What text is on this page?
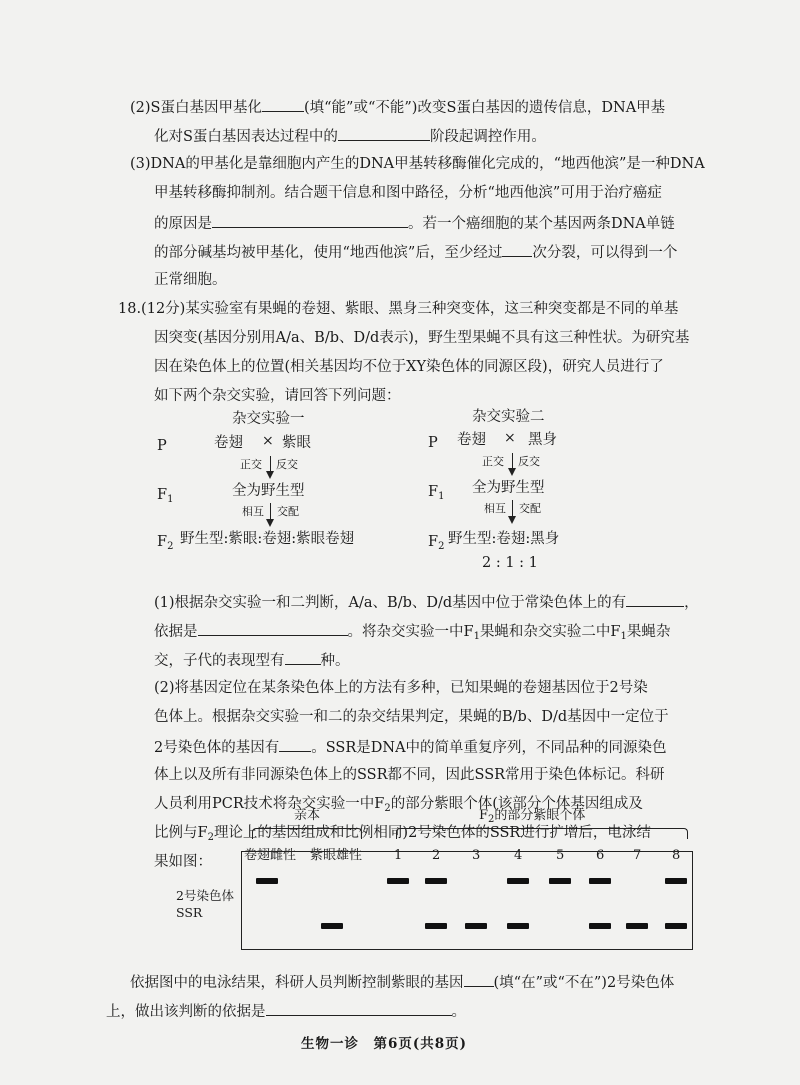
(2)S蛋白基因甲基化	(填“能”或“不能”)改变S蛋白基因的遗传信息，DNA甲基
化对S蛋白基因表达过程中的	阶段起调控作用。
(3)DNA的甲基化是靠细胞内产生的DNA甲基转移酶催化完成的，“地西他滨”是一种DNA
甲基转移酶抑制剂。结合题干信息和图中路径，分析“地西他滨”可用于治疗癌症
的原因是	。若一个癌细胞的某个基因两条DNA单链
的部分碱基均被甲基化，使用“地西他滨”后，至少经过 次分裂，可以得到一个
正常细胞。
18.(12分)某实验室有果蝇的卷翅、紫眼、黑身三种突变体，这三种突变都是不同的单基
因突变(基因分别用A/a、B/b、D/d表示)，野生型果蝇不具有这三种性状。为研究基
因在染色体上的位置(相关基因均不位于XY染色体的同源区段)，研究人员进行了
如下两个杂交实验，请回答下列问题：
杂交实验一
P	卷翅 × 紫眼
正交 反交
$F_1$
全为野生型
相互 交配
$F_2$ 野生型:紫眼:卷翅:紫眼卷翅
杂交实验二
P 卷翅 × 黑身
正交 反交
$F_1$
全为野生型
相互 交配
$F_2$ 野生型:卷翅:黑身
2 : 1 : 1
(1)根据杂交实验一和二判断，A/a、B/b、D/d基因中位于常染色体上的有	，
依据是	。将杂交实验一中$F_1$果蝇和杂交实验二中$F_1$果蝇杂
交，子代的表现型有 种。
(2)将基因定位在某条染色体上的方法有多种，已知果蝇的卷翅基因位于2号染
色体上。根据杂交实验一和二的杂交结果判定，果蝇的B/b、D/d基因中一定位于
2号染色体的基因有 。SSR是DNA中的简单重复序列，不同品种的同源染色
体上以及所有非同源染色体上的SSR都不同，因此SSR常用于染色体标记。科研
人员利用PCR技术将杂交实验一中$F_2$的部分紫眼个体(该部分个体基因组成及
比例与$F_2$理论上的基因组成和比例相同)2号染色体的SSR进行扩增后，电泳结
果如图：
亲本	$F_2$的部分紫眼个体
卷翅雌性 紫眼雄性 1 2 3	4	5 6 7 8
2号染色体
SSR
依据图中的电泳结果，科研人员判断控制紫眼的基因 (填“在”或“不在”)2号染色体
上，做出该判断的依据是	。
生物一诊　第6页(共8页)
